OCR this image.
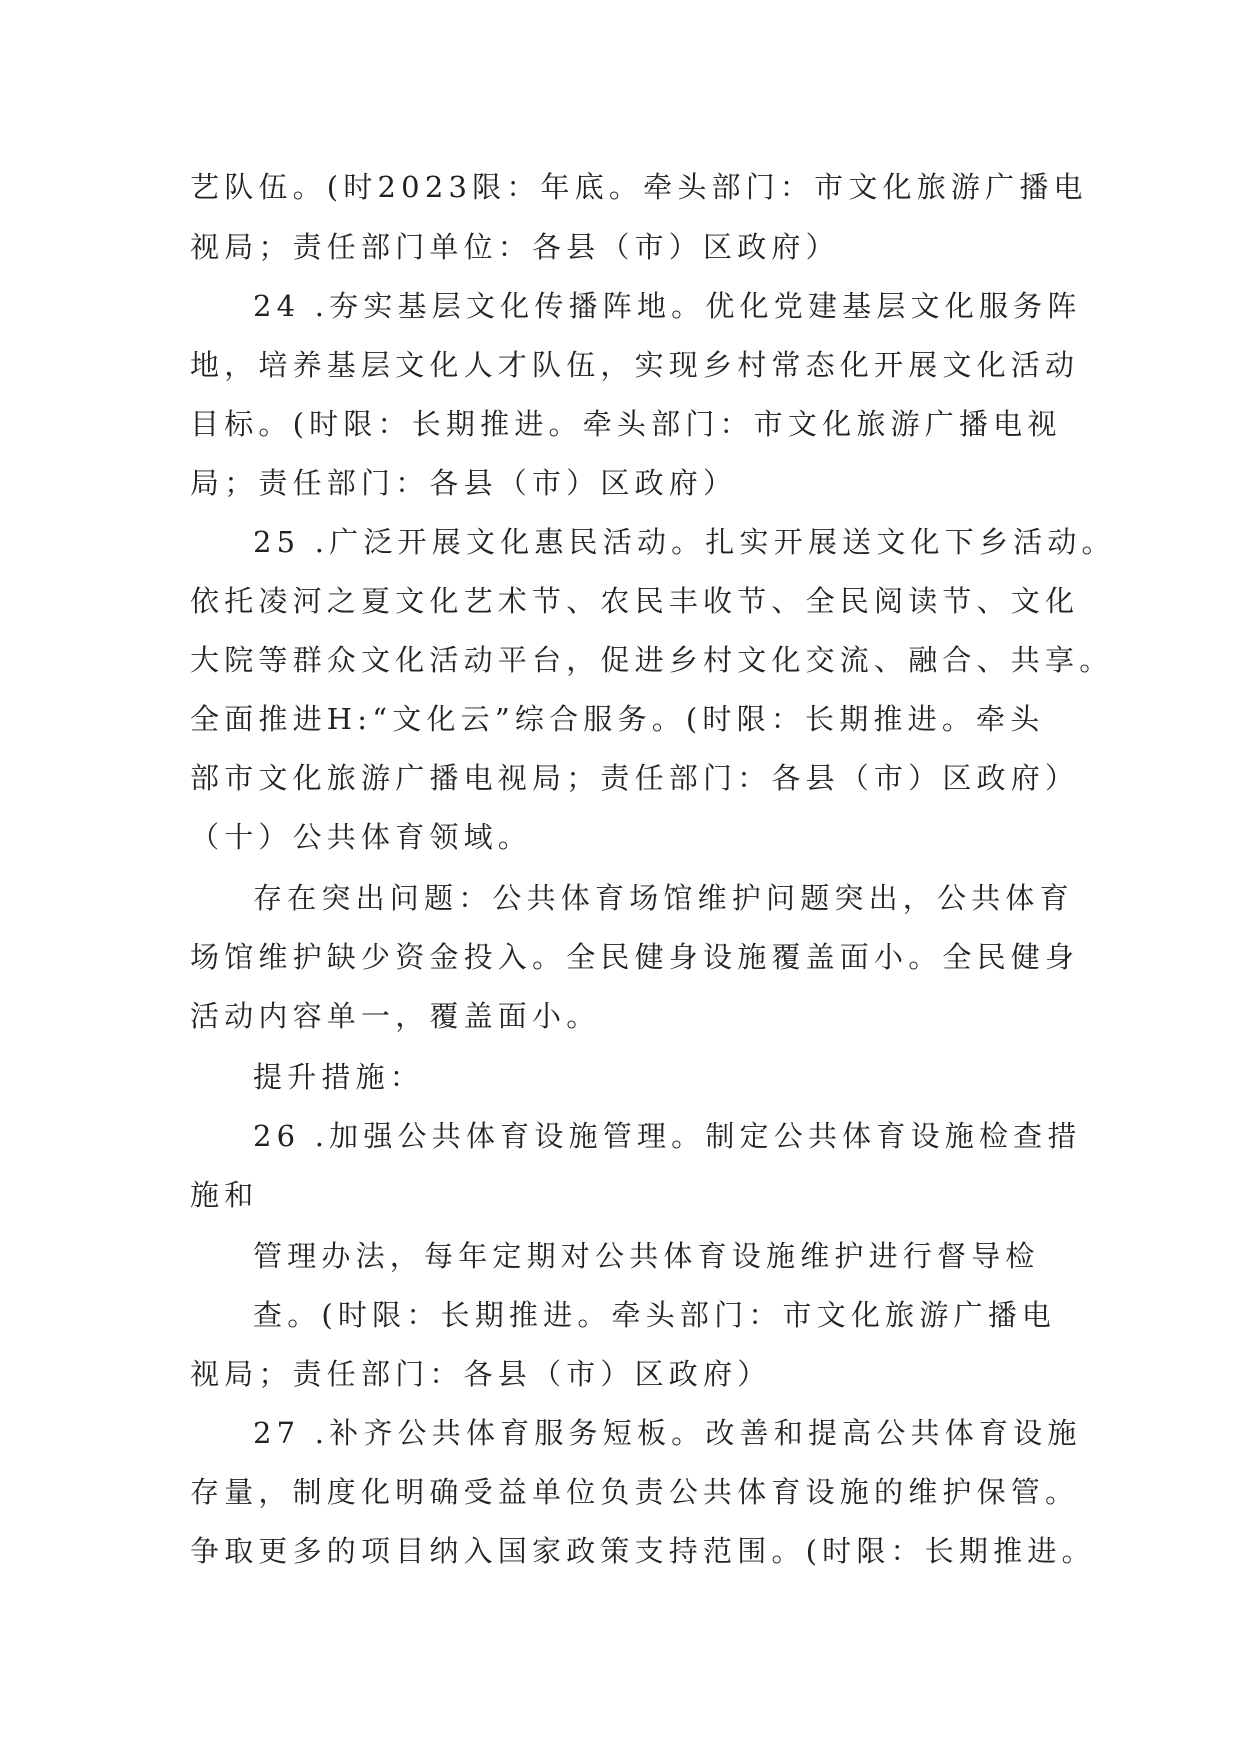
艺队伍。(时2023限：年底。牵头部门：市文化旅游广播电
视局；责任部门单位：各县（市）区政府）
24 .夯实基层文化传播阵地。优化党建基层文化服务阵
地，培养基层文化人才队伍，实现乡村常态化开展文化活动
目标。(时限：长期推进。牵头部门：市文化旅游广播电视
局；责任部门：各县（市）区政府）
25 .广泛开展文化惠民活动。扎实开展送文化下乡活动。
依托凌河之夏文化艺术节、农民丰收节、全民阅读节、文化
大院等群众文化活动平台，促进乡村文化交流、融合、共享。
全面推进H:“文化云”综合服务。(时限：长期推进。牵头
部市文化旅游广播电视局；责任部门：各县（市）区政府）
（十）公共体育领域。
存在突出问题：公共体育场馆维护问题突出，公共体育
场馆维护缺少资金投入。全民健身设施覆盖面小。全民健身
活动内容单一，覆盖面小。
提升措施：
26 .加强公共体育设施管理。制定公共体育设施检查措
施和
管理办法，每年定期对公共体育设施维护进行督导检
查。(时限：长期推进。牵头部门：市文化旅游广播电
视局；责任部门：各县（市）区政府）
27 .补齐公共体育服务短板。改善和提高公共体育设施
存量，制度化明确受益单位负责公共体育设施的维护保管。
争取更多的项目纳入国家政策支持范围。(时限：长期推进。
